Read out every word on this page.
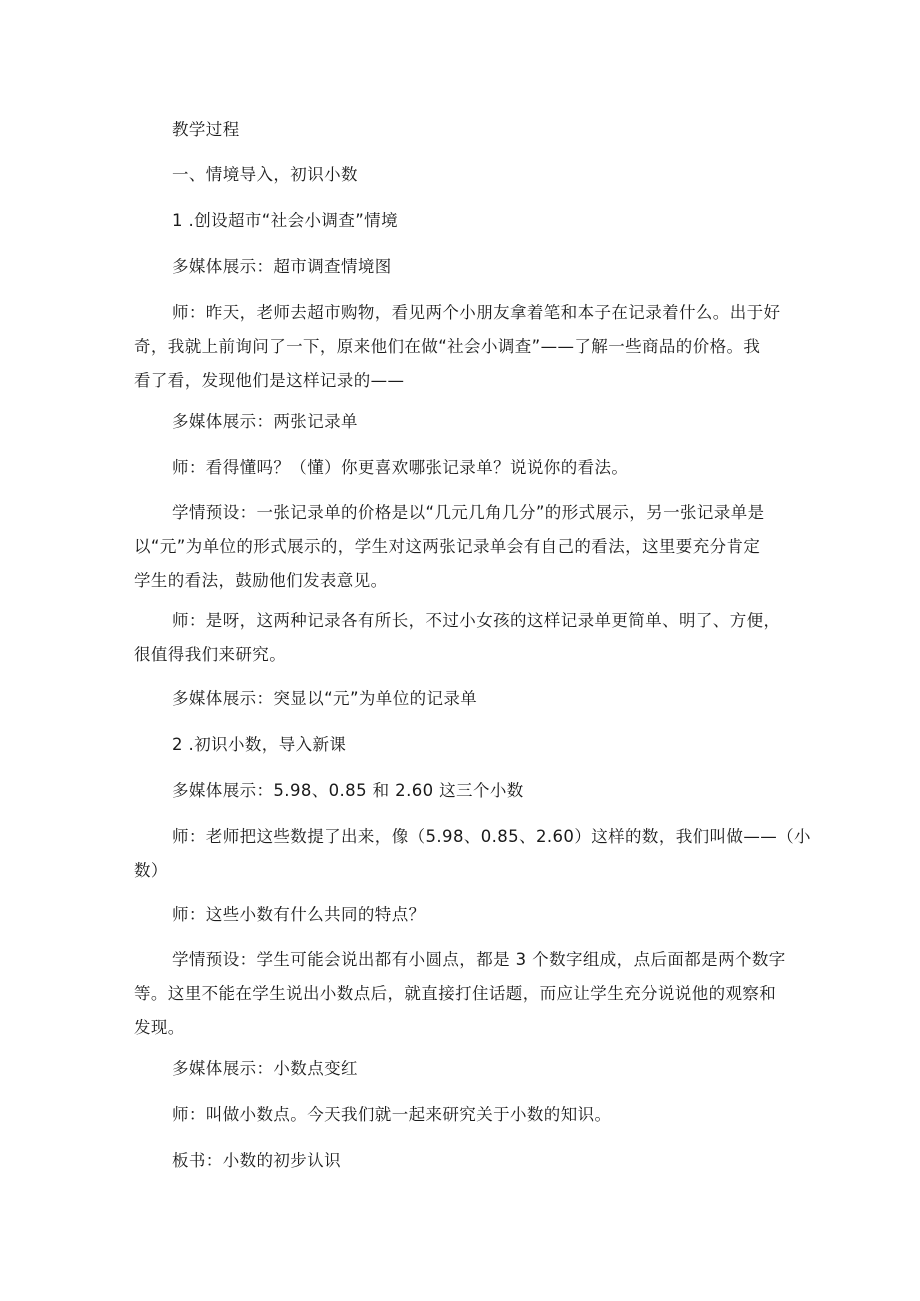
教学过程
一、情境导入，初识小数
1 .创设超市“社会小调查”情境
多媒体展示：超市调查情境图
师：昨天，老师去超市购物，看见两个小朋友拿着笔和本子在记录着什么。出于好
奇，我就上前询问了一下，原来他们在做“社会小调查”——了解一些商品的价格。我
看了看，发现他们是这样记录的——
多媒体展示：两张记录单
师：看得懂吗？（懂）你更喜欢哪张记录单？说说你的看法。
学情预设：一张记录单的价格是以“几元几角几分”的形式展示，另一张记录单是
以“元”为单位的形式展示的，学生对这两张记录单会有自己的看法，这里要充分肯定
学生的看法，鼓励他们发表意见。
师：是呀，这两种记录各有所长，不过小女孩的这样记录单更简单、明了、方便，
很值得我们来研究。
多媒体展示：突显以“元”为单位的记录单
2 .初识小数，导入新课
多媒体展示：5.98、0.85 和 2.60 这三个小数
师：老师把这些数提了出来，像（5.98、0.85、2.60）这样的数，我们叫做——（小
数）
师：这些小数有什么共同的特点？
学情预设：学生可能会说出都有小圆点，都是 3 个数字组成，点后面都是两个数字
等。这里不能在学生说出小数点后，就直接打住话题，而应让学生充分说说他的观察和
发现。
多媒体展示：小数点变红
师：叫做小数点。今天我们就一起来研究关于小数的知识。
板书：小数的初步认识
